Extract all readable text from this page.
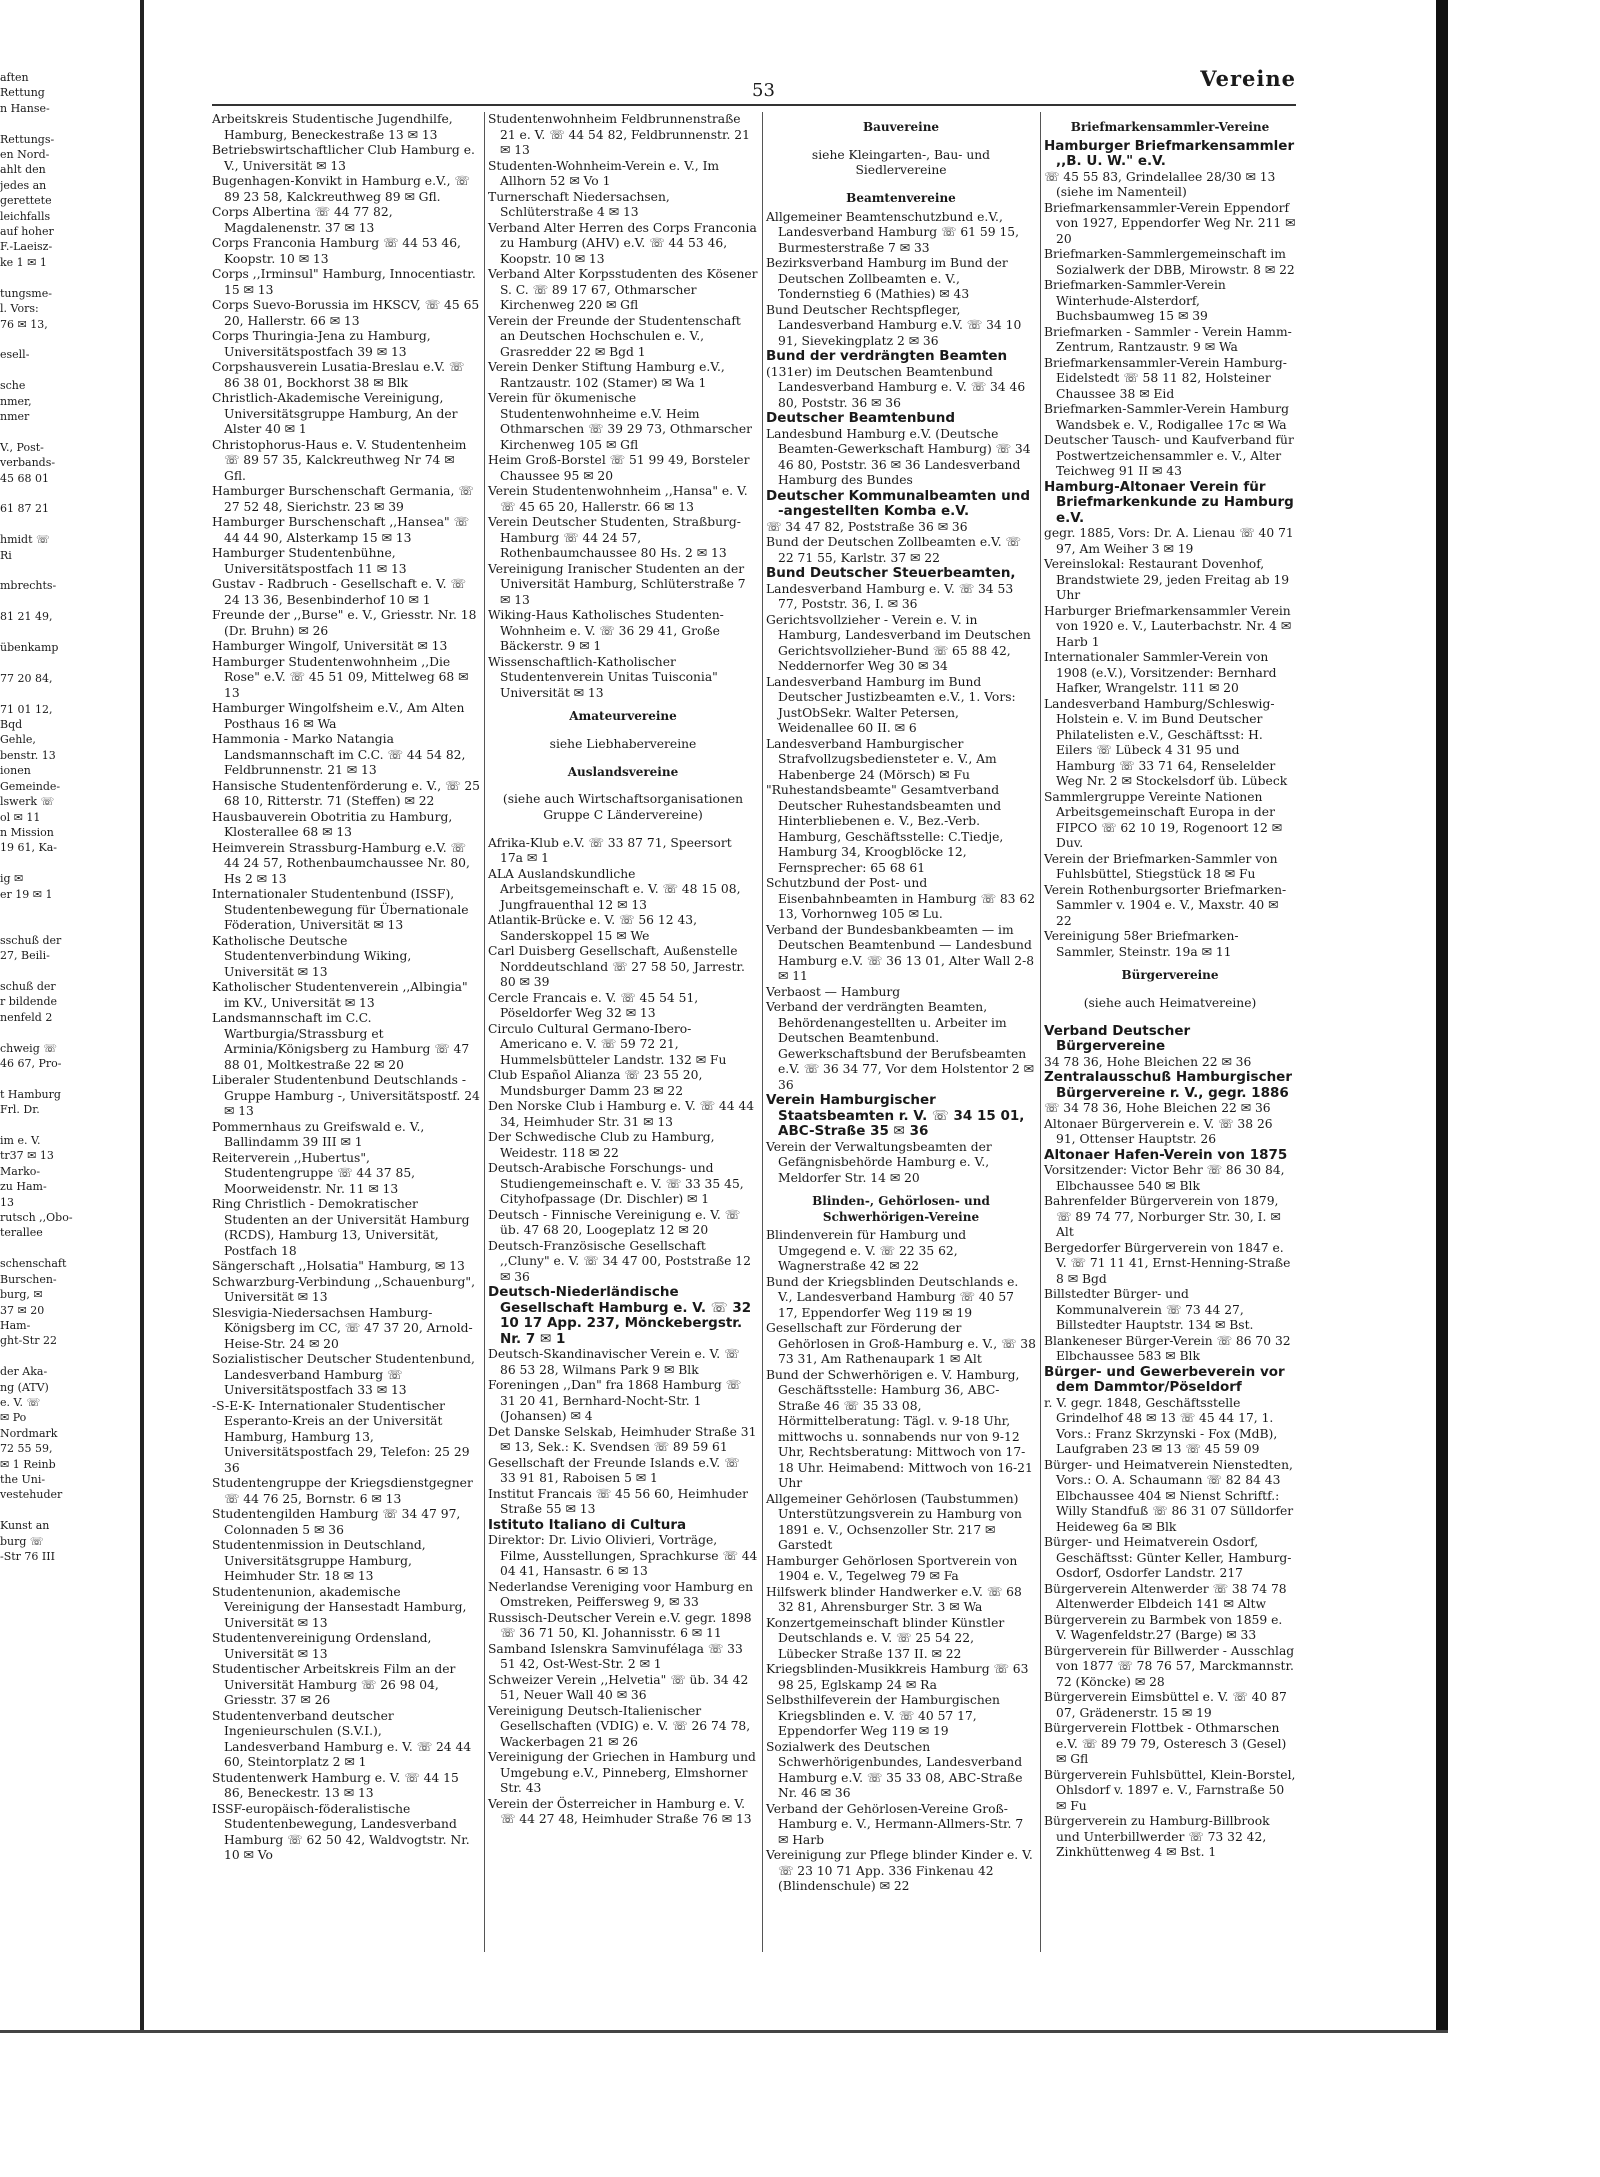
aften
Rettung
n Hanse-

Rettungs-
en Nord-
ahlt den
jedes an
gerettete
leichfalls
auf hoher
F.-Laeisz-
ke 1 ✉ 1

tungsme-
l. Vors:
76 ✉ 13,

esell-

sche
nmer,
nmer

V., Post-
verbands-
45 68 01

61 87 21

hmidt ☏
Ri

mbrechts-

81 21 49,

übenkamp

77 20 84,

71 01 12,
Bqd
Gehle,
benstr. 13
ionen
Gemeinde-
lswerk ☏
ol ✉ 11
n Mission
19 61, Ka-

ig ✉
er 19 ✉ 1

sschuß der
27, Beili-

schuß der
r bildende
nenfeld 2

chweig ☏
46 67, Pro-

t Hamburg
Frl. Dr.

im e. V.
tr37 ✉ 13
Marko-
zu Ham-
13
rutsch ,,Obo-
terallee

schenschaft
Burschen-
burg, ✉
37 ✉ 20
Ham-
ght-Str 22

der Aka-
ng (ATV)
e. V. ☏
✉ Po
Nordmark
72 55 59,
✉ 1 Reinb
the Uni-
vestehuder

Kunst an
burg ☏
-Str 76 III
53	Vereine

Arbeitskreis Studentische Jugendhilfe, Hamburg, Beneckestraße 13 ✉ 13

Betriebswirtschaftlicher Club Hamburg e. V., Universität ✉ 13

Bugenhagen-Konvikt in Hamburg e.V., ☏ 89 23 58, Kalckreuthweg 89 ✉ Gfl.

Corps Albertina ☏ 44 77 82, Magdalenenstr. 37 ✉ 13

Corps Franconia Hamburg ☏ 44 53 46, Koopstr. 10 ✉ 13

Corps ,,Irminsul" Hamburg, Innocentiastr. 15 ✉ 13

Corps Suevo-Borussia im HKSCV, ☏ 45 65 20, Hallerstr. 66 ✉ 13

Corps Thuringia-Jena zu Hamburg, Universitätspostfach 39 ✉ 13

Corpshausverein Lusatia-Breslau e.V. ☏ 86 38 01, Bockhorst 38 ✉ Blk

Christlich-Akademische Vereinigung, Universitätsgruppe Hamburg, An der Alster 40 ✉ 1

Christophorus-Haus e. V. Studentenheim ☏ 89 57 35, Kalckreuthweg Nr 74 ✉ Gfl.

Hamburger Burschenschaft Germania, ☏ 27 52 48, Sierichstr. 23 ✉ 39

Hamburger Burschenschaft ,,Hansea" ☏ 44 44 90, Alsterkamp 15 ✉ 13

Hamburger Studentenbühne, Universitätspostfach 11 ✉ 13

Gustav - Radbruch - Gesellschaft e. V. ☏ 24 13 36, Besenbinderhof 10 ✉ 1

Freunde der ,,Burse" e. V., Griesstr. Nr. 18 (Dr. Bruhn) ✉ 26

Hamburger Wingolf, Universität ✉ 13

Hamburger Studentenwohnheim ,,Die Rose" e.V. ☏ 45 51 09, Mittelweg 68 ✉ 13

Hamburger Wingolfsheim e.V., Am Alten Posthaus 16 ✉ Wa

Hammonia - Marko Natangia Landsmannschaft im C.C. ☏ 44 54 82, Feldbrunnenstr. 21 ✉ 13

Hansische Studentenförderung e. V., ☏ 25 68 10, Ritterstr. 71 (Steffen) ✉ 22

Hausbauverein Obotritia zu Hamburg, Klosterallee 68 ✉ 13

Heimverein Strassburg-Hamburg e.V. ☏ 44 24 57, Rothenbaumchaussee Nr. 80, Hs 2 ✉ 13

Internationaler Studentenbund (ISSF), Studentenbewegung für Übernationale Föderation, Universität ✉ 13

Katholische Deutsche Studentenverbindung Wiking, Universität ✉ 13

Katholischer Studentenverein ,,Albingia" im KV., Universität ✉ 13

Landsmannschaft im C.C. Wartburgia/Strassburg et Arminia/Königsberg zu Hamburg ☏ 47 88 01, Moltkestraße 22 ✉ 20

Liberaler Studentenbund Deutschlands - Gruppe Hamburg -, Universitätspostf. 24 ✉ 13

Pommernhaus zu Greifswald e. V., Ballindamm 39 III ✉ 1

Reiterverein ,,Hubertus", Studentengruppe ☏ 44 37 85, Moorweidenstr. Nr. 11 ✉ 13

Ring Christlich - Demokratischer Studenten an der Universität Hamburg (RCDS), Hamburg 13, Universität, Postfach 18

Sängerschaft ,,Holsatia" Hamburg, ✉ 13

Schwarzburg-Verbindung ,,Schauenburg", Universität ✉ 13

Slesvigia-Niedersachsen Hamburg-Königsberg im CC, ☏ 47 37 20, Arnold-Heise-Str. 24 ✉ 20

Sozialistischer Deutscher Studentenbund, Landesverband Hamburg ☏ Universitätspostfach 33 ✉ 13

-S-E-K- Internationaler Studentischer Esperanto-Kreis an der Universität Hamburg, Hamburg 13, Universitätspostfach 29, Telefon: 25 29 36

Studentengruppe der Kriegsdienstgegner ☏ 44 76 25, Bornstr. 6 ✉ 13

Studentengilden Hamburg ☏ 34 47 97, Colonnaden 5 ✉ 36

Studentenmission in Deutschland, Universitätsgruppe Hamburg, Heimhuder Str. 18 ✉ 13

Studentenunion, akademische Vereinigung der Hansestadt Hamburg, Universität ✉ 13

Studentenvereinigung Ordensland, Universität ✉ 13

Studentischer Arbeitskreis Film an der Universität Hamburg ☏ 26 98 04, Griesstr. 37 ✉ 26

Studentenverband deutscher Ingenieurschulen (S.V.I.), Landesverband Hamburg e. V. ☏ 24 44 60, Steintorplatz 2 ✉ 1

Studentenwerk Hamburg e. V. ☏ 44 15 86, Beneckestr. 13 ✉ 13

ISSF-europäisch-föderalistische Studentenbewegung, Landesverband Hamburg ☏ 62 50 42, Waldvogtstr. Nr. 10 ✉ Vo

Studentenwohnheim Feldbrunnenstraße 21 e. V. ☏ 44 54 82, Feldbrunnenstr. 21 ✉ 13

Studenten-Wohnheim-Verein e. V., Im Allhorn 52 ✉ Vo 1

Turnerschaft Niedersachsen, Schlüterstraße 4 ✉ 13

Verband Alter Herren des Corps Franconia zu Hamburg (AHV) e.V. ☏ 44 53 46, Koopstr. 10 ✉ 13

Verband Alter Korpsstudenten des Kösener S. C. ☏ 89 17 67, Othmarscher Kirchenweg 220 ✉ Gfl

Verein der Freunde der Studentenschaft an Deutschen Hochschulen e. V., Grasredder 22 ✉ Bgd 1

Verein Denker Stiftung Hamburg e.V., Rantzaustr. 102 (Stamer) ✉ Wa 1

Verein für ökumenische Studentenwohnheime e.V. Heim Othmarschen ☏ 39 29 73, Othmarscher Kirchenweg 105 ✉ Gfl

Heim Groß-Borstel ☏ 51 99 49, Borsteler Chaussee 95 ✉ 20

Verein Studentenwohnheim ,,Hansa" e. V. ☏ 45 65 20, Hallerstr. 66 ✉ 13

Verein Deutscher Studenten, Straßburg-Hamburg ☏ 44 24 57, Rothenbaumchaussee 80 Hs. 2 ✉ 13

Vereinigung Iranischer Studenten an der Universität Hamburg, Schlüterstraße 7 ✉ 13

Wiking-Haus Katholisches Studenten-Wohnheim e. V. ☏ 36 29 41, Große Bäckerstr. 9 ✉ 1

Wissenschaftlich-Katholischer Studentenverein Unitas Tuisconia" Universität ✉ 13

Amateurvereine

siehe Liebhabervereine

Auslandsvereine

(siehe auch Wirtschaftsorganisationen Gruppe C Ländervereine)

Afrika-Klub e.V. ☏ 33 87 71, Speersort 17a ✉ 1

ALA Auslandskundliche Arbeitsgemeinschaft e. V. ☏ 48 15 08, Jungfrauenthal 12 ✉ 13

Atlantik-Brücke e. V. ☏ 56 12 43, Sanderskoppel 15 ✉ We

Carl Duisberg Gesellschaft, Außenstelle Norddeutschland ☏ 27 58 50, Jarrestr. 80 ✉ 39

Cercle Francais e. V. ☏ 45 54 51, Pöseldorfer Weg 32 ✉ 13

Circulo Cultural Germano-Ibero-Americano e. V. ☏ 59 72 21, Hummelsbütteler Landstr. 132 ✉ Fu

Club Español Alianza ☏ 23 55 20, Mundsburger Damm 23 ✉ 22

Den Norske Club i Hamburg e. V. ☏ 44 44 34, Heimhuder Str. 31 ✉ 13

Der Schwedische Club zu Hamburg, Weidestr. 118 ✉ 22

Deutsch-Arabische Forschungs- und Studiengemeinschaft e. V. ☏ 33 35 45, Cityhofpassage (Dr. Dischler) ✉ 1

Deutsch - Finnische Vereinigung e. V. ☏ üb. 47 68 20, Loogeplatz 12 ✉ 20

Deutsch-Französische Gesellschaft ,,Cluny" e. V. ☏ 34 47 00, Poststraße 12 ✉ 36

Deutsch-Niederländische Gesellschaft Hamburg e. V. ☏ 32 10 17 App. 237, Mönckebergstr. Nr. 7 ✉ 1

Deutsch-Skandinavischer Verein e. V. ☏ 86 53 28, Wilmans Park 9 ✉ Blk

Foreningen ,,Dan" fra 1868 Hamburg ☏ 31 20 41, Bernhard-Nocht-Str. 1 (Johansen) ✉ 4

Det Danske Selskab, Heimhuder Straße 31 ✉ 13, Sek.: K. Svendsen ☏ 89 59 61

Gesellschaft der Freunde Islands e.V. ☏ 33 91 81, Raboisen 5 ✉ 1

Institut Francais ☏ 45 56 60, Heimhuder Straße 55 ✉ 13

Istituto Italiano di Cultura

Direktor: Dr. Livio Olivieri, Vorträge, Filme, Ausstellungen, Sprachkurse ☏ 44 04 41, Hansastr. 6 ✉ 13

Nederlandse Vereniging voor Hamburg en Omstreken, Peiffersweg 9, ✉ 33

Russisch-Deutscher Verein e.V. gegr. 1898 ☏ 36 71 50, Kl. Johannisstr. 6 ✉ 11

Samband Islenskra Samvinufélaga ☏ 33 51 42, Ost-West-Str. 2 ✉ 1

Schweizer Verein ,,Helvetia" ☏ üb. 34 42 51, Neuer Wall 40 ✉ 36

Vereinigung Deutsch-Italienischer Gesellschaften (VDIG) e. V. ☏ 26 74 78, Wackerbagen 21 ✉ 26

Vereinigung der Griechen in Hamburg und Umgebung e.V., Pinneberg, Elmshorner Str. 43

Verein der Österreicher in Hamburg e. V. ☏ 44 27 48, Heimhuder Straße 76 ✉ 13

Bauvereine

siehe Kleingarten-, Bau- und Siedlervereine

Beamtenvereine

Allgemeiner Beamtenschutzbund e.V., Landesverband Hamburg ☏ 61 59 15, Burmesterstraße 7 ✉ 33

Bezirksverband Hamburg im Bund der Deutschen Zollbeamten e. V., Tondernstieg 6 (Mathies) ✉ 43

Bund Deutscher Rechtspfleger, Landesverband Hamburg e.V. ☏ 34 10 91, Sievekingplatz 2 ✉ 36

Bund der verdrängten Beamten

(131er) im Deutschen Beamtenbund Landesverband Hamburg e. V. ☏ 34 46 80, Poststr. 36 ✉ 36

Deutscher Beamtenbund

Landesbund Hamburg e.V. (Deutsche Beamten-Gewerkschaft Hamburg) ☏ 34 46 80, Poststr. 36 ✉ 36 Landesverband Hamburg des Bundes

Deutscher Kommunalbeamten und -angestellten Komba e.V.

☏ 34 47 82, Poststraße 36 ✉ 36

Bund der Deutschen Zollbeamten e.V. ☏ 22 71 55, Karlstr. 37 ✉ 22

Bund Deutscher Steuerbeamten,

Landesverband Hamburg e. V. ☏ 34 53 77, Poststr. 36, I. ✉ 36

Gerichtsvollzieher - Verein e. V. in Hamburg, Landesverband im Deutschen Gerichtsvollzieher-Bund ☏ 65 88 42, Neddernorfer Weg 30 ✉ 34

Landesverband Hamburg im Bund Deutscher Justizbeamten e.V., 1. Vors: JustObSekr. Walter Petersen, Weidenallee 60 II. ✉ 6

Landesverband Hamburgischer Strafvollzugsbediensteter e. V., Am Habenberge 24 (Mörsch) ✉ Fu

"Ruhestandsbeamte" Gesamtverband Deutscher Ruhestandsbeamten und Hinterbliebenen e. V., Bez.-Verb. Hamburg, Geschäftsstelle: C.Tiedje, Hamburg 34, Kroogblöcke 12, Fernsprecher: 65 68 61

Schutzbund der Post- und Eisenbahnbeamten in Hamburg ☏ 83 62 13, Vorhornweg 105 ✉ Lu.

Verband der Bundesbankbeamten — im Deutschen Beamtenbund — Landesbund Hamburg e.V. ☏ 36 13 01, Alter Wall 2-8 ✉ 11

Verbaost — Hamburg

Verband der verdrängten Beamten, Behördenangestellten u. Arbeiter im Deutschen Beamtenbund. Gewerkschaftsbund der Berufsbeamten e.V. ☏ 36 34 77, Vor dem Holstentor 2 ✉ 36

Verein Hamburgischer Staatsbeamten r. V. ☏ 34 15 01, ABC-Straße 35 ✉ 36

Verein der Verwaltungsbeamten der Gefängnisbehörde Hamburg e. V., Meldorfer Str. 14 ✉ 20

Blinden-, Gehörlosen- und Schwerhörigen-Vereine

Blindenverein für Hamburg und Umgegend e. V. ☏ 22 35 62, Wagnerstraße 42 ✉ 22

Bund der Kriegsblinden Deutschlands e. V., Landesverband Hamburg ☏ 40 57 17, Eppendorfer Weg 119 ✉ 19

Gesellschaft zur Förderung der Gehörlosen in Groß-Hamburg e. V., ☏ 38 73 31, Am Rathenaupark 1 ✉ Alt

Bund der Schwerhörigen e. V. Hamburg, Geschäftsstelle: Hamburg 36, ABC-Straße 46 ☏ 35 33 08, Hörmittelberatung: Tägl. v. 9-18 Uhr, mittwochs u. sonnabends nur von 9-12 Uhr, Rechtsberatung: Mittwoch von 17-18 Uhr. Heimabend: Mittwoch von 16-21 Uhr

Allgemeiner Gehörlosen (Taubstummen) Unterstützungsverein zu Hamburg von 1891 e. V., Ochsenzoller Str. 217 ✉ Garstedt

Hamburger Gehörlosen Sportverein von 1904 e. V., Tegelweg 79 ✉ Fa

Hilfswerk blinder Handwerker e.V. ☏ 68 32 81, Ahrensburger Str. 3 ✉ Wa

Konzertgemeinschaft blinder Künstler Deutschlands e. V. ☏ 25 54 22, Lübecker Straße 137 II. ✉ 22

Kriegsblinden-Musikkreis Hamburg ☏ 63 98 25, Eglskamp 24 ✉ Ra

Selbsthilfeverein der Hamburgischen Kriegsblinden e. V. ☏ 40 57 17, Eppendorfer Weg 119 ✉ 19

Sozialwerk des Deutschen Schwerhörigenbundes, Landesverband Hamburg e.V. ☏ 35 33 08, ABC-Straße Nr. 46 ✉ 36

Verband der Gehörlosen-Vereine Groß-Hamburg e. V., Hermann-Allmers-Str. 7 ✉ Harb

Vereinigung zur Pflege blinder Kinder e. V. ☏ 23 10 71 App. 336 Finkenau 42 (Blindenschule) ✉ 22

Briefmarkensammler-Vereine

Hamburger Briefmarkensammler ,,B. U. W." e.V.

☏ 45 55 83, Grindelallee 28/30 ✉ 13 (siehe im Namenteil)

Briefmarkensammler-Verein Eppendorf von 1927, Eppendorfer Weg Nr. 211 ✉ 20

Briefmarken-Sammlergemeinschaft im Sozialwerk der DBB, Mirowstr. 8 ✉ 22

Briefmarken-Sammler-Verein Winterhude-Alsterdorf, Buchsbaumweg 15 ✉ 39

Briefmarken - Sammler - Verein Hamm-Zentrum, Rantzaustr. 9 ✉ Wa

Briefmarkensammler-Verein Hamburg-Eidelstedt ☏ 58 11 82, Holsteiner Chaussee 38 ✉ Eid

Briefmarken-Sammler-Verein Hamburg Wandsbek e. V., Rodigallee 17c ✉ Wa

Deutscher Tausch- und Kaufverband für Postwertzeichensammler e. V., Alter Teichweg 91 II ✉ 43

Hamburg-Altonaer Verein für Briefmarkenkunde zu Hamburg e.V.

gegr. 1885, Vors: Dr. A. Lienau ☏ 40 71 97, Am Weiher 3 ✉ 19

Vereinslokal: Restaurant Dovenhof, Brandstwiete 29, jeden Freitag ab 19 Uhr

Harburger Briefmarkensammler Verein von 1920 e. V., Lauterbachstr. Nr. 4 ✉ Harb 1

Internationaler Sammler-Verein von 1908 (e.V.), Vorsitzender: Bernhard Hafker, Wrangelstr. 111 ✉ 20

Landesverband Hamburg/Schleswig-Holstein e. V. im Bund Deutscher Philatelisten e.V., Geschäftsst: H. Eilers ☏ Lübeck 4 31 95 und Hamburg ☏ 33 71 64, Renselelder Weg Nr. 2 ✉ Stockelsdorf üb. Lübeck

Sammlergruppe Vereinte Nationen Arbeitsgemeinschaft Europa in der FIPCO ☏ 62 10 19, Rogenoort 12 ✉ Duv.

Verein der Briefmarken-Sammler von Fuhlsbüttel, Stiegstück 18 ✉ Fu

Verein Rothenburgsorter Briefmarken-Sammler v. 1904 e. V., Maxstr. 40 ✉ 22

Vereinigung 58er Briefmarken-Sammler, Steinstr. 19a ✉ 11

Bürgervereine

(siehe auch Heimatvereine)

Verband Deutscher Bürgervereine

34 78 36, Hohe Bleichen 22 ✉ 36

Zentralausschuß Hamburgischer Bürgervereine r. V., gegr. 1886

☏ 34 78 36, Hohe Bleichen 22 ✉ 36

Altonaer Bürgerverein e. V. ☏ 38 26 91, Ottenser Hauptstr. 26

Altonaer Hafen-Verein von 1875

Vorsitzender: Victor Behr ☏ 86 30 84, Elbchaussee 540 ✉ Blk

Bahrenfelder Bürgerverein von 1879, ☏ 89 74 77, Norburger Str. 30, I. ✉ Alt

Bergedorfer Bürgerverein von 1847 e. V. ☏ 71 11 41, Ernst-Henning-Straße 8 ✉ Bgd

Billstedter Bürger- und Kommunalverein ☏ 73 44 27, Billstedter Hauptstr. 134 ✉ Bst.

Blankeneser Bürger-Verein ☏ 86 70 32 Elbchaussee 583 ✉ Blk

Bürger- und Gewerbeverein vor dem Dammtor/Pöseldorf

r. V. gegr. 1848, Geschäftsstelle Grindelhof 48 ✉ 13 ☏ 45 44 17, 1. Vors.: Franz Skrzynski - Fox (MdB), Laufgraben 23 ✉ 13 ☏ 45 59 09

Bürger- und Heimatverein Nienstedten, Vors.: O. A. Schaumann ☏ 82 84 43 Elbchaussee 404 ✉ Nienst Schriftf.: Willy Standfuß ☏ 86 31 07 Sülldorfer Heideweg 6a ✉ Blk

Bürger- und Heimatverein Osdorf, Geschäftsst: Günter Keller, Hamburg-Osdorf, Osdorfer Landstr. 217

Bürgerverein Altenwerder ☏ 38 74 78 Altenwerder Elbdeich 141 ✉ Altw

Bürgerverein zu Barmbek von 1859 e. V. Wagenfeldstr.27 (Barge) ✉ 33

Bürgerverein für Billwerder - Ausschlag von 1877 ☏ 78 76 57, Marckmannstr. 72 (Köncke) ✉ 28

Bürgerverein Eimsbüttel e. V. ☏ 40 87 07, Grädenerstr. 15 ✉ 19

Bürgerverein Flottbek - Othmarschen e.V. ☏ 89 79 79, Osteresch 3 (Gesel) ✉ Gfl

Bürgerverein Fuhlsbüttel, Klein-Borstel, Ohlsdorf v. 1897 e. V., Farnstraße 50 ✉ Fu

Bürgerverein zu Hamburg-Billbrook und Unterbillwerder ☏ 73 32 42, Zinkhüttenweg 4 ✉ Bst. 1
